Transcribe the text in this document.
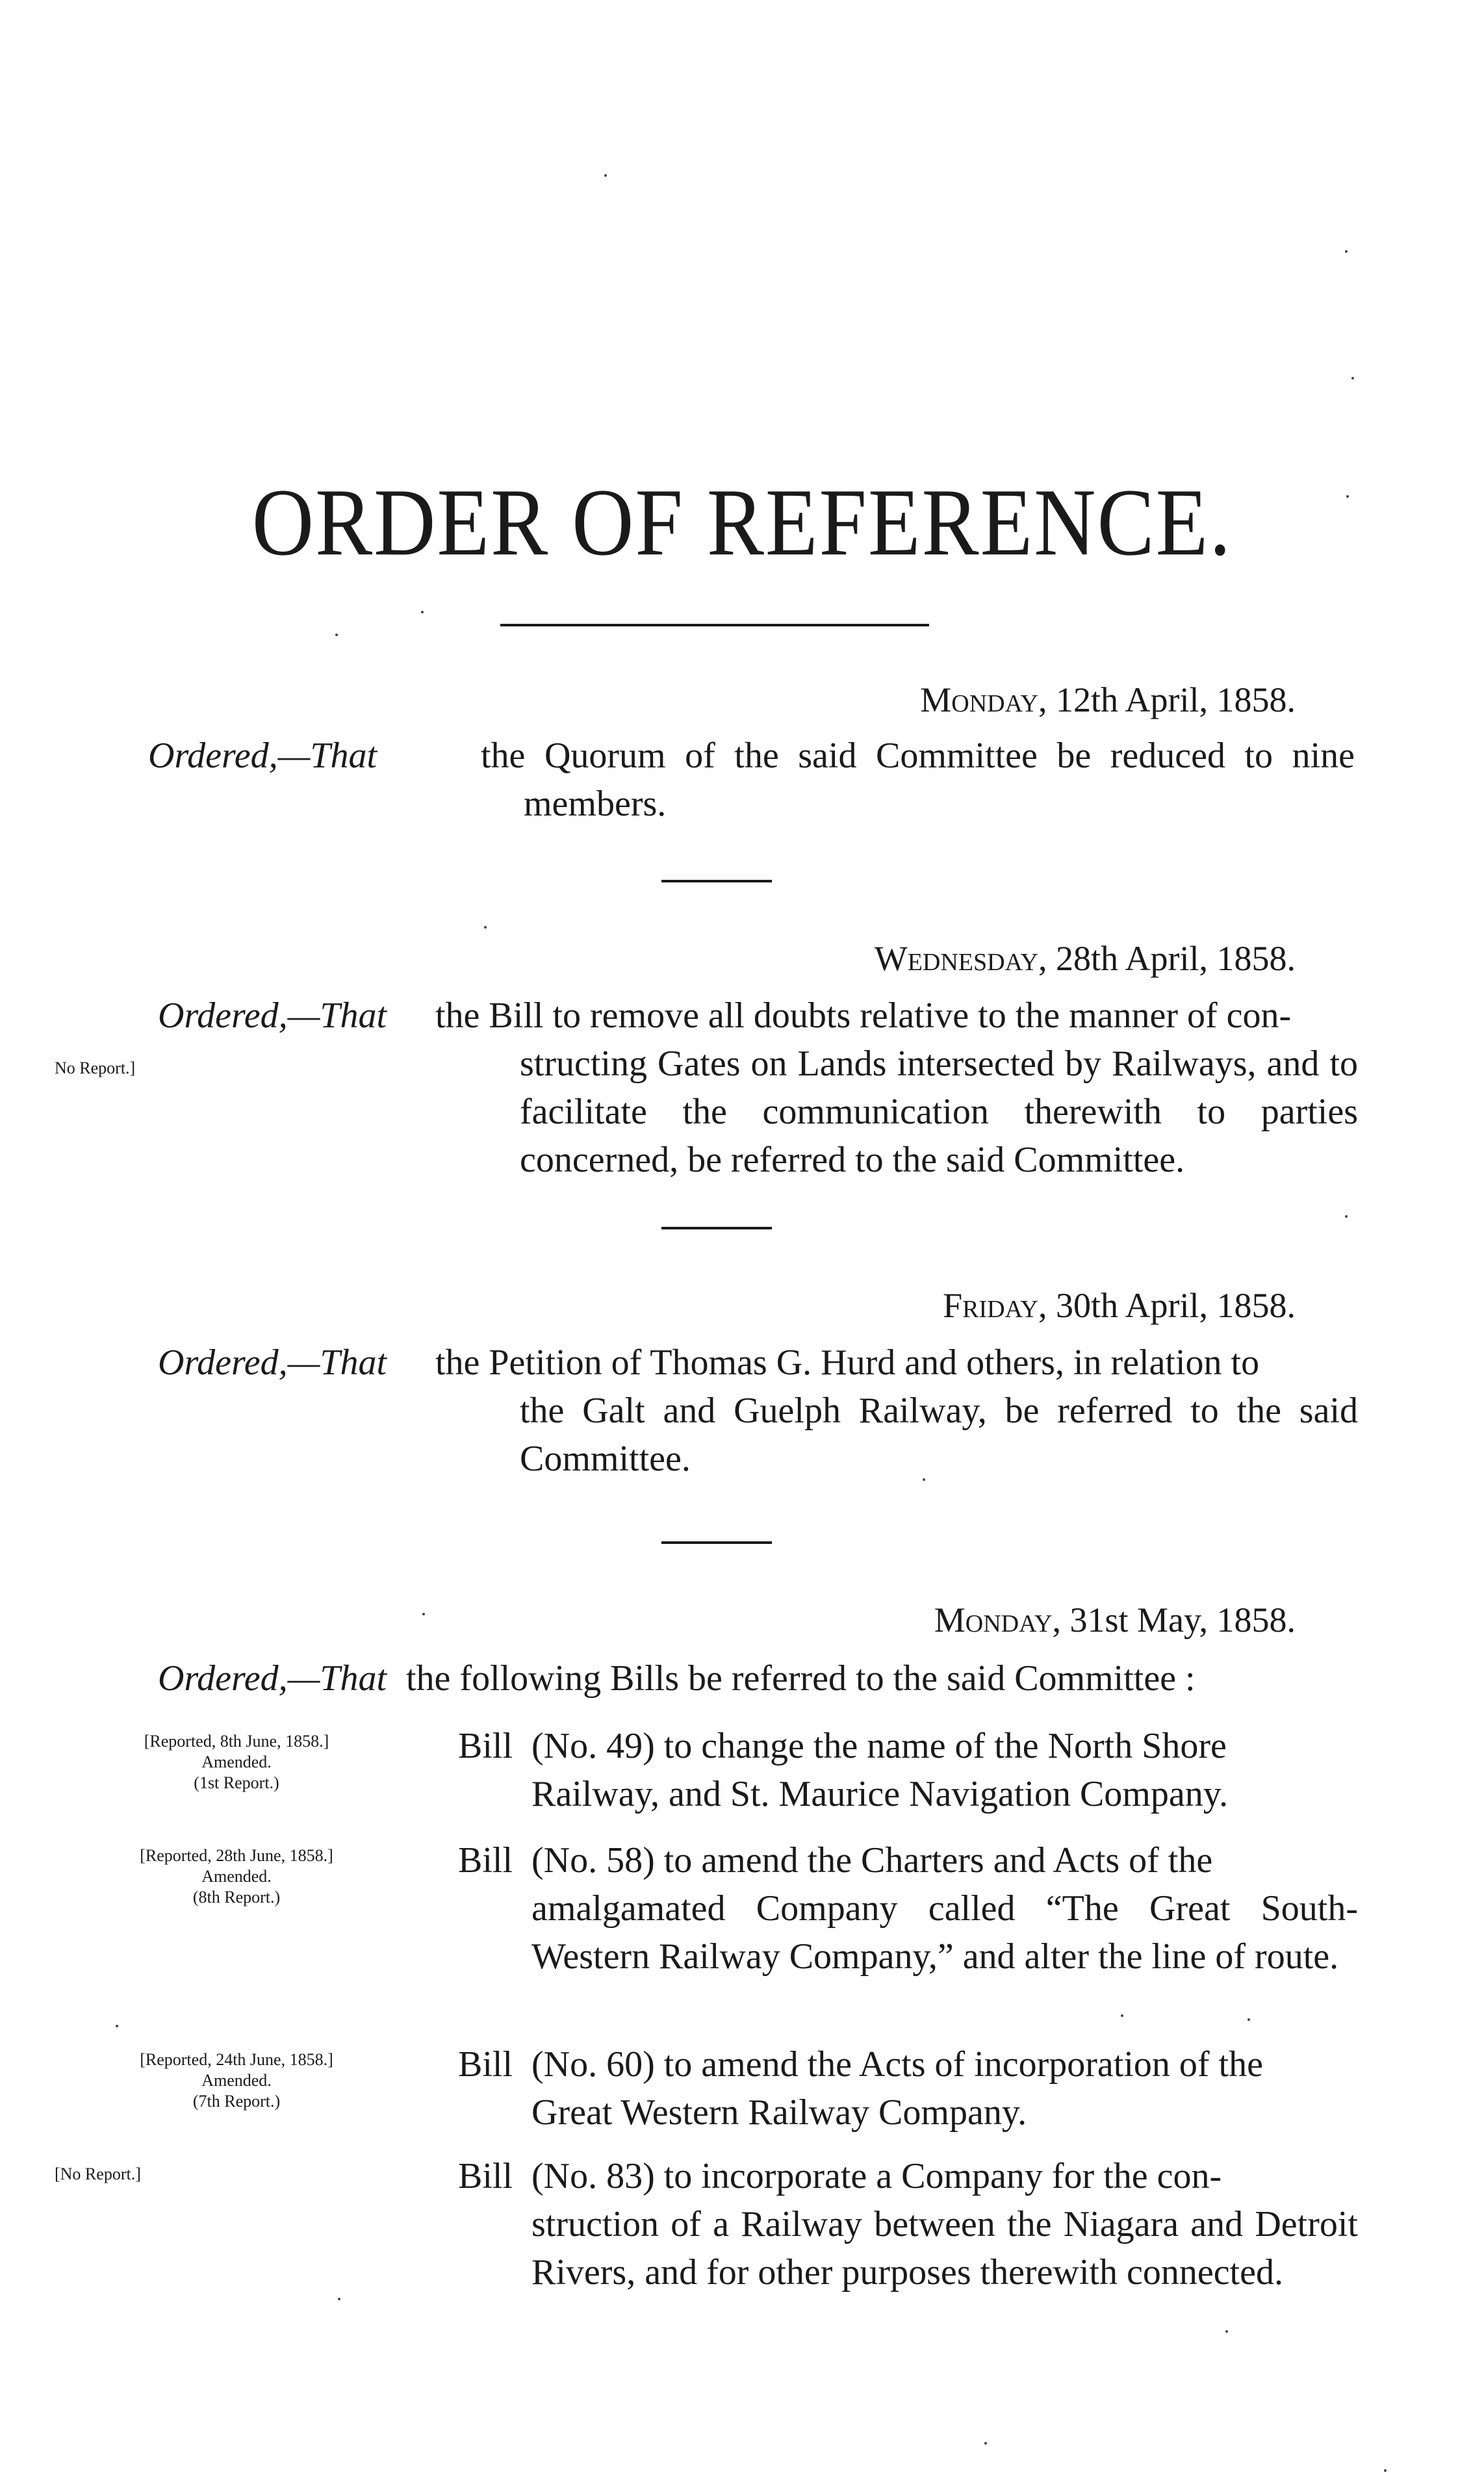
ORDER OF REFERENCE.
Monday, 12th April, 1858.
Ordered,—That	the Quorum of the said Committee be reduced to nine members.
Wednesday, 28th April, 1858.
Ordered,—That the Bill to remove all doubts relative to the manner of con-
structing Gates on Lands intersected by Railways, and to facilitate the communication therewith to parties concerned, be referred to the said Committee.
No Report.]
Friday, 30th April, 1858.
Ordered,—That the Petition of Thomas G. Hurd and others, in relation to
the Galt and Guelph Railway, be referred to the said Committee.
Monday, 31st May, 1858.
Ordered,—That the following Bills be referred to the said Committee :
[Reported, 8th June, 1858.]
Amended.
(1st Report.)
Bill (No. 49) to change the name of the North Shore
Railway, and St. Maurice Navigation Company.
[Reported, 28th June, 1858.]
Amended.
(8th Report.)
Bill (No. 58) to amend the Charters and Acts of the
amalgamated Company called “The Great South-Western Railway Company,” and alter the line of route.
[Reported, 24th June, 1858.]
Amended.
(7th Report.)
Bill (No. 60) to amend the Acts of incorporation of the
Great Western Railway Company.
[No Report.]	Bill (No. 83) to incorporate a Company for the con-
struction of a Railway between the Niagara and Detroit Rivers, and for other purposes therewith connected.
